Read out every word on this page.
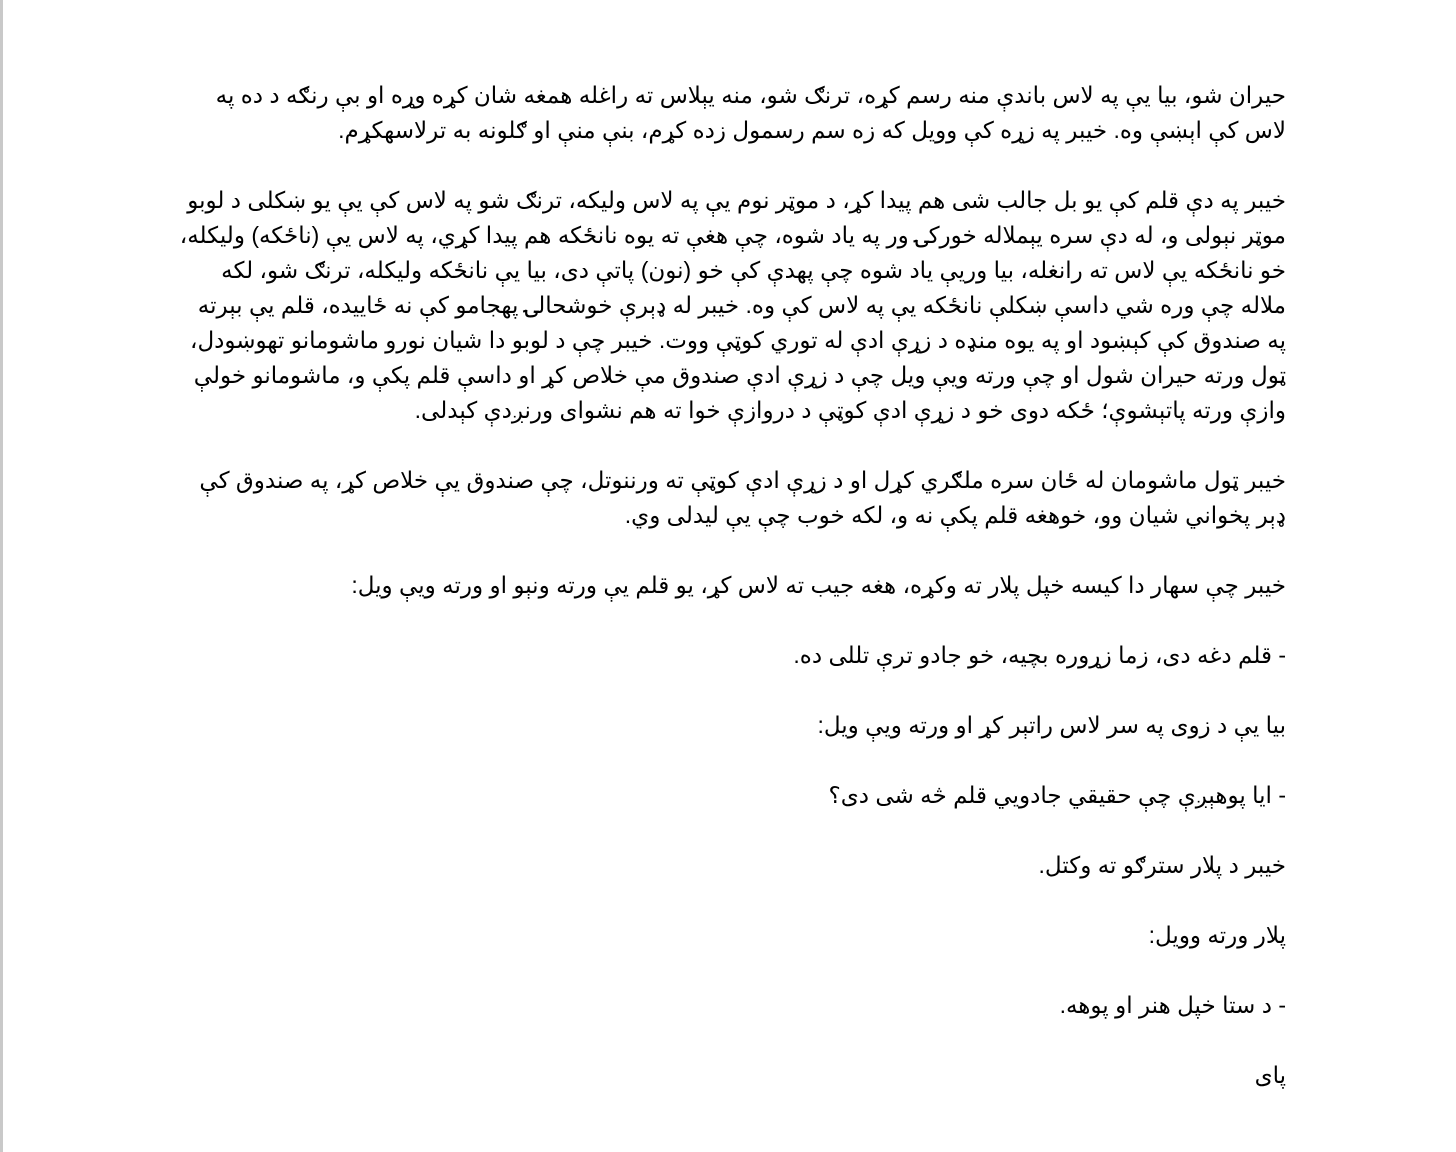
حیران شو، بیا یې په لاس باندې منه رسم کړه، ترنګ شو، منه یېلاس ته راغله همغه شان کړه وړه او بې رنګه د ده په لاس کې اېښې وه. خیبر په زړه کې وویل که زه سم رسمول زده کړم، بنې منې او ګلونه به ترلاسهکړم.

خیبر په دې قلم کې یو بل جالب شی هم پیدا کړ، د موټر نوم یې په لاس ولیکه، ترنګ شو په لاس کې یې یو ښکلی د لوبو موټر نېولی و، له دې سره یېملاله خورکۍ ور په یاد شوه، چې هغې ته یوه نانځکه هم پیدا کړي، په لاس یې (ناځکه) ولیکله، خو نانځکه یې لاس ته رانغله، بیا وریې یاد شوه چې پهدې کې خو (نون) پاتې دی، بیا یې نانځکه ولیکله، ترنګ شو، لکه ملاله چې وره شي داسې ښکلې نانځکه یې په لاس کې وه. خیبر له ډېرې خوشحالۍ پهجامو کې نه ځاییده، قلم یې بېرته په صندوق کې کېښود او په یوه منډه د زړې ادې له توري کوټې ووت. خیبر چې د لوبو دا شیان نورو ماشومانو تهوښودل، ټول ورته حیران شول او چې ورته ویې ویل چې د زړې ادې صندوق مې خلاص کړ او داسې قلم پکې و، ماشومانو خولې وازې ورته پاتېشوې؛ ځکه دوی خو د زړې ادې کوټې د دروازې خوا ته هم نشوای ورنږدې کېدلی.

خیبر ټول ماشومان له ځان سره ملګري کړل او د زړې ادې کوټې ته ورننوتل، چې صندوق یې خلاص کړ، په صندوق کې ډېر پخواني شیان وو، خوهغه قلم پکې نه و، لکه خوب چې یې لیدلی وي.

خیبر چې سهار دا کیسه خپل پلار ته وکړه، هغه جیب ته لاس کړ، یو قلم یې ورته ونېو او ورته ویې ویل:

- قلم دغه دی، زما زړوره بچیه، خو جادو ترې تللی ده.

بیا یې د زوی په سر لاس راتېر کړ او ورته ویې ویل:

- ایا پوهېږې چې حقیقي جادویي قلم څه شی دی؟

خیبر د پلار سترګو ته وکتل.

پلار ورته وویل:

- د ستا خپل هنر او پوهه.

پای
